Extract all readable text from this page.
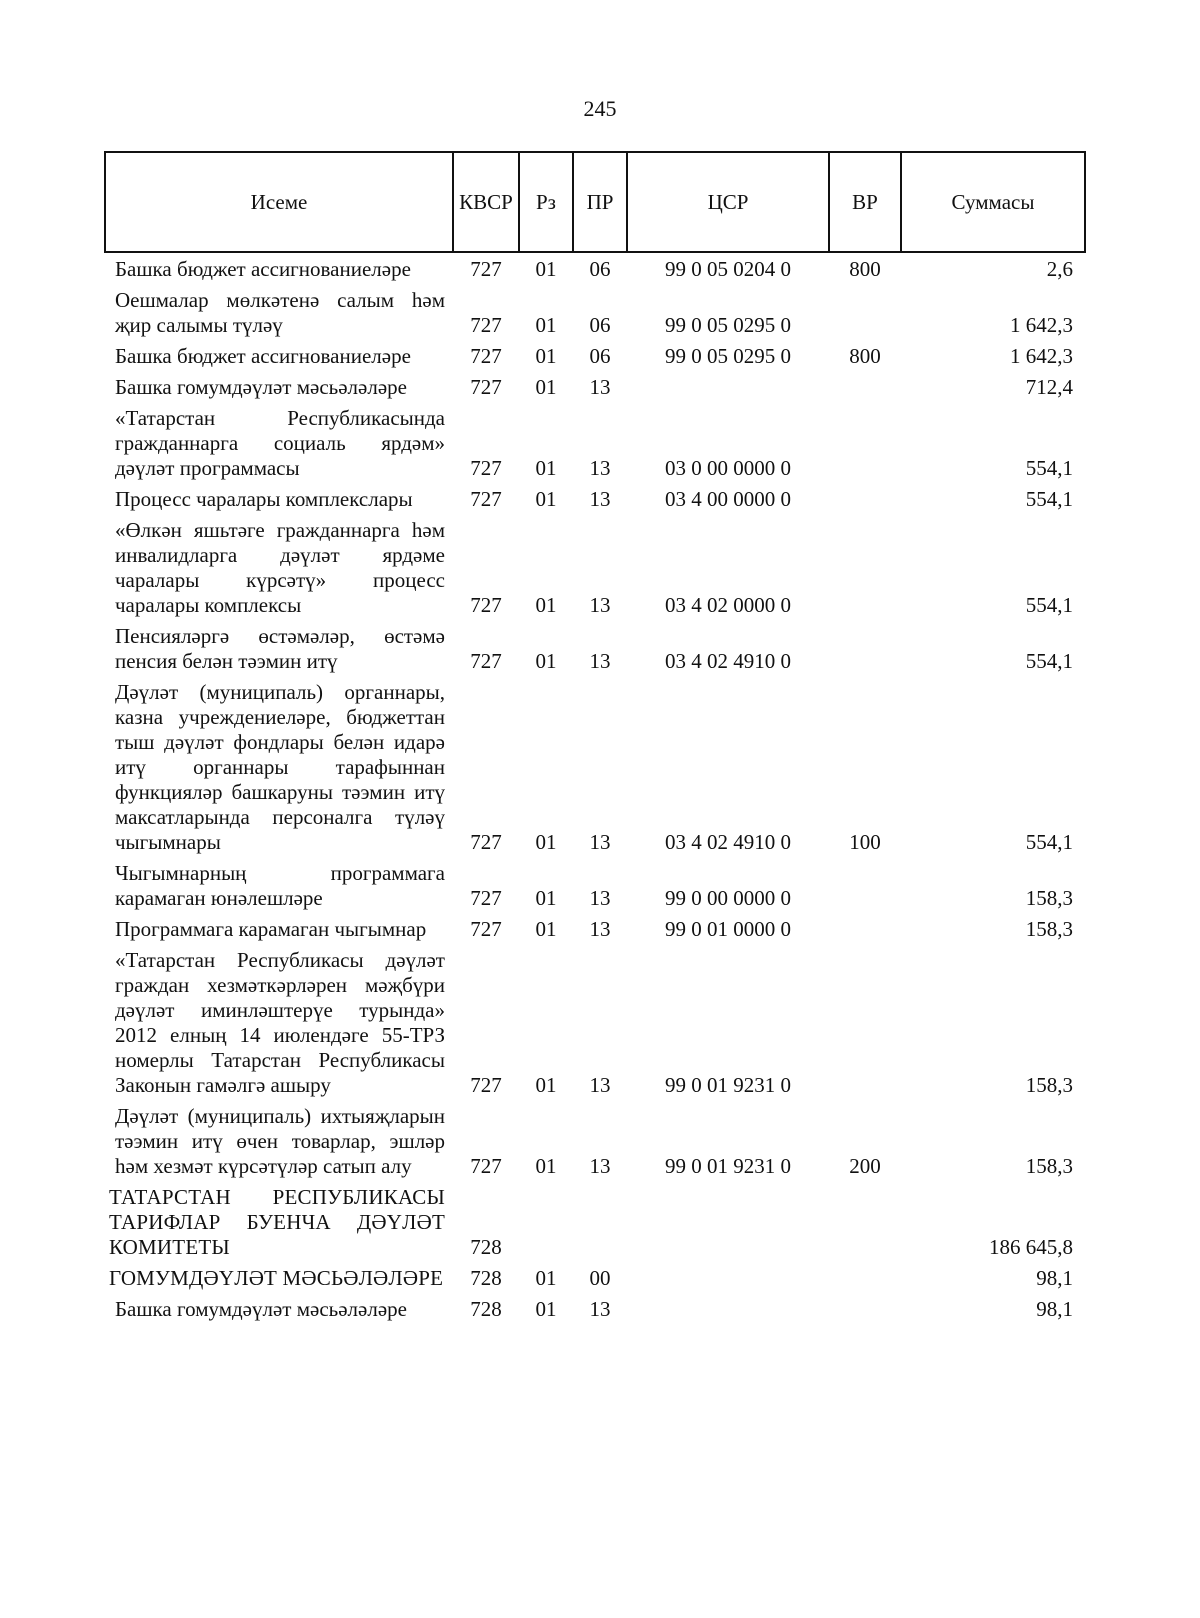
245
Исеме	КВСР	Рз	ПР	ЦСР	ВР	Суммасы
Башка бюджет ассигнованиеләре	727	01	06	99 0 05 0204 0	800	2,6
Оешмалар мөлкәтенә салым һәм җир салымы түләү	727	01	06	99 0 05 0295 0		1 642,3
Башка бюджет ассигнованиеләре	727	01	06	99 0 05 0295 0	800	1 642,3
Башка гомумдәүләт мәсьәләләре	727	01	13			712,4
«Татарстан Республикасында гражданнарга социаль ярдәм» дәүләт программасы	727	01	13	03 0 00 0000 0		554,1
Процесс чаралары комплекслары	727	01	13	03 4 00 0000 0		554,1
«Өлкән яшьтәге гражданнарга һәм инвалидларга дәүләт ярдәме чаралары күрсәтү» процесс чаралары комплексы	727	01	13	03 4 02 0000 0		554,1
Пенсияләргә өстәмәләр, өстәмә пенсия белән тәэмин итү	727	01	13	03 4 02 4910 0		554,1
Дәүләт (муниципаль) органнары, казна учреждениеләре, бюджеттан тыш дәүләт фондлары белән идарә итү органнары тарафыннан функцияләр башкаруны тәэмин итү максатларында персоналга түләү чыгымнары	727	01	13	03 4 02 4910 0	100	554,1
Чыгымнарның программага карамаган юнәлешләре	727	01	13	99 0 00 0000 0		158,3
Программага карамаган чыгымнар	727	01	13	99 0 01 0000 0		158,3
«Татарстан Республикасы дәүләт граждан хезмәткәрләрен мәҗбүри дәүләт иминләштерүе турында» 2012 елның 14 июлендәге 55-ТРЗ номерлы Татарстан Республикасы Законын гамәлгә ашыру	727	01	13	99 0 01 9231 0		158,3
Дәүләт (муниципаль) ихтыяҗларын тәэмин итү өчен товарлар, эшләр һәм хезмәт күрсәтүләр сатып алу	727	01	13	99 0 01 9231 0	200	158,3
ТАТАРСТАН РЕСПУБЛИКАСЫ ТАРИФЛАР БУЕНЧА ДӘҮЛӘТ КОМИТЕТЫ	728					186 645,8
ГОМУМДӘҮЛӘТ МӘСЬӘЛӘЛӘРЕ	728	01	00			98,1
Башка гомумдәүләт мәсьәләләре	728	01	13			98,1
